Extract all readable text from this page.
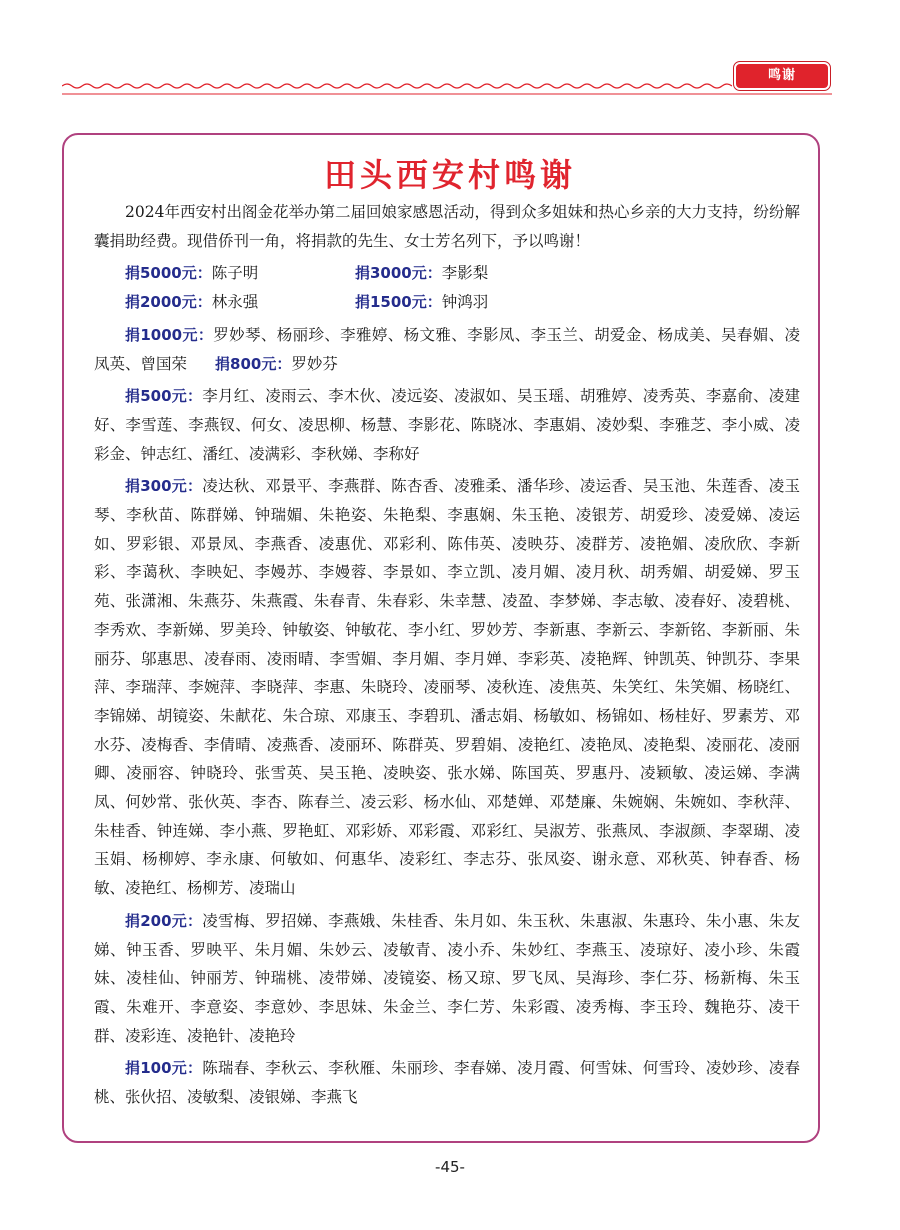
鸣谢
田头西安村鸣谢

2024年西安村出阁金花举办第二届回娘家感恩活动，得到众多姐妹和热心乡亲的大力支持，纷纷解囊捐助经费。现借侨刊一角，将捐款的先生、女士芳名列下，予以鸣谢！

捐5000元：陈子明	捐3000元：李影梨
捐2000元：林永强	捐1500元：钟鸿羽

捐1000元：罗妙琴、杨丽珍、李雅婷、杨文雅、李影凤、李玉兰、胡爱金、杨成美、吴春媚、凌凤英、曾国荣 捐800元：罗妙芬

捐500元：李月红、凌雨云、李木伙、凌远姿、凌淑如、吴玉瑶、胡雅婷、凌秀英、李嘉俞、凌建好、李雪莲、李燕钗、何女、凌思柳、杨慧、李影花、陈晓冰、李惠娟、凌妙梨、李雅芝、李小威、凌彩金、钟志红、潘红、凌满彩、李秋娣、李称好

捐300元：凌达秋、邓景平、李燕群、陈杏香、凌雅柔、潘华珍、凌运香、吴玉池、朱莲香、凌玉琴、李秋苗、陈群娣、钟瑞媚、朱艳姿、朱艳梨、李惠娴、朱玉艳、凌银芳、胡爱珍、凌爱娣、凌运如、罗彩银、邓景凤、李燕香、凌惠优、邓彩利、陈伟英、凌映芬、凌群芳、凌艳媚、凌欣欣、李新彩、李蔼秋、李映妃、李嫚苏、李嫚蓉、李景如、李立凯、凌月媚、凌月秋、胡秀媚、胡爱娣、罗玉苑、张潇湘、朱燕芬、朱燕霞、朱春青、朱春彩、朱幸慧、凌盈、李梦娣、李志敏、凌春好、凌碧桃、李秀欢、李新娣、罗美玲、钟敏姿、钟敏花、李小红、罗妙芳、李新惠、李新云、李新铭、李新丽、朱丽芬、邬惠思、凌春雨、凌雨晴、李雪媚、李月媚、李月婵、李彩英、凌艳辉、钟凯英、钟凯芬、李果萍、李瑞萍、李婉萍、李晓萍、李惠、朱晓玲、凌丽琴、凌秋连、凌焦英、朱笑红、朱笑媚、杨晓红、李锦娣、胡镜姿、朱献花、朱合琼、邓康玉、李碧玑、潘志娟、杨敏如、杨锦如、杨桂好、罗素芳、邓水芬、凌梅香、李倩晴、凌燕香、凌丽环、陈群英、罗碧娟、凌艳红、凌艳凤、凌艳梨、凌丽花、凌丽卿、凌丽容、钟晓玲、张雪英、吴玉艳、凌映姿、张水娣、陈国英、罗惠丹、凌颖敏、凌运娣、李满凤、何妙常、张伙英、李杏、陈春兰、凌云彩、杨水仙、邓楚婵、邓楚廉、朱婉娴、朱婉如、李秋萍、朱桂香、钟连娣、李小燕、罗艳虹、邓彩娇、邓彩霞、邓彩红、吴淑芳、张燕凤、李淑颜、李翠瑚、凌玉娟、杨柳婷、李永康、何敏如、何惠华、凌彩红、李志芬、张凤姿、谢永意、邓秋英、钟春香、杨敏、凌艳红、杨柳芳、凌瑞山

捐200元：凌雪梅、罗招娣、李燕娥、朱桂香、朱月如、朱玉秋、朱惠淑、朱惠玲、朱小惠、朱友娣、钟玉香、罗映平、朱月媚、朱妙云、凌敏青、凌小乔、朱妙红、李燕玉、凌琼好、凌小珍、朱霞妹、凌桂仙、钟丽芳、钟瑞桃、凌带娣、凌镜姿、杨又琼、罗飞凤、吴海珍、李仁芬、杨新梅、朱玉霞、朱难开、李意姿、李意妙、李思妹、朱金兰、李仁芳、朱彩霞、凌秀梅、李玉玲、魏艳芬、凌干群、凌彩连、凌艳针、凌艳玲

捐100元：陈瑞春、李秋云、李秋雁、朱丽珍、李春娣、凌月霞、何雪妹、何雪玲、凌妙珍、凌春桃、张伙招、凌敏梨、凌银娣、李燕飞

-45-
